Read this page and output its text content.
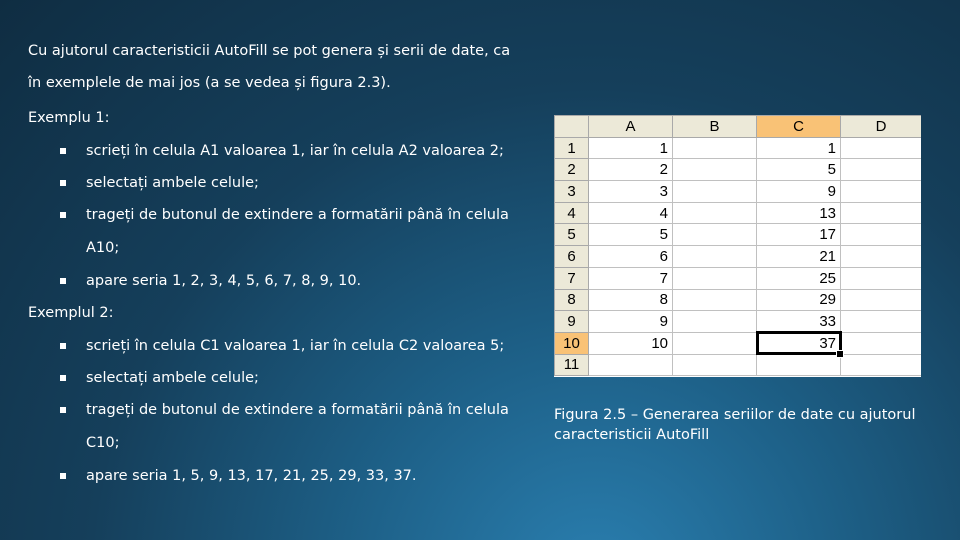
Cu ajutorul caracteristicii AutoFill se pot genera și serii de date, ca
în exemplele de mai jos (a se vedea și figura 2.3).
Exemplu 1:
scrieți în celula A1 valoarea 1, iar în celula A2 valoarea 2;
selectați ambele celule;
trageți de butonul de extindere a formatării până în celula
A10;
apare seria 1, 2, 3, 4, 5, 6, 7, 8, 9, 10.
Exemplul 2:
scrieți în celula C1 valoarea 1, iar în celula C2 valoarea 5;
selectați ambele celule;
trageți de butonul de extindere a formatării până în celula
C10;
apare seria 1, 5, 9, 13, 17, 21, 25, 29, 33, 37.
	A	B	C	D
1	1		1	
2	2		5	
3	3		9	
4	4		13	
5	5		17	
6	6		21	
7	7		25	
8	8		29	
9	9		33	
10	10		37

11				
Figura 2.5 – Generarea seriilor de date cu ajutorul
caracteristicii AutoFill
